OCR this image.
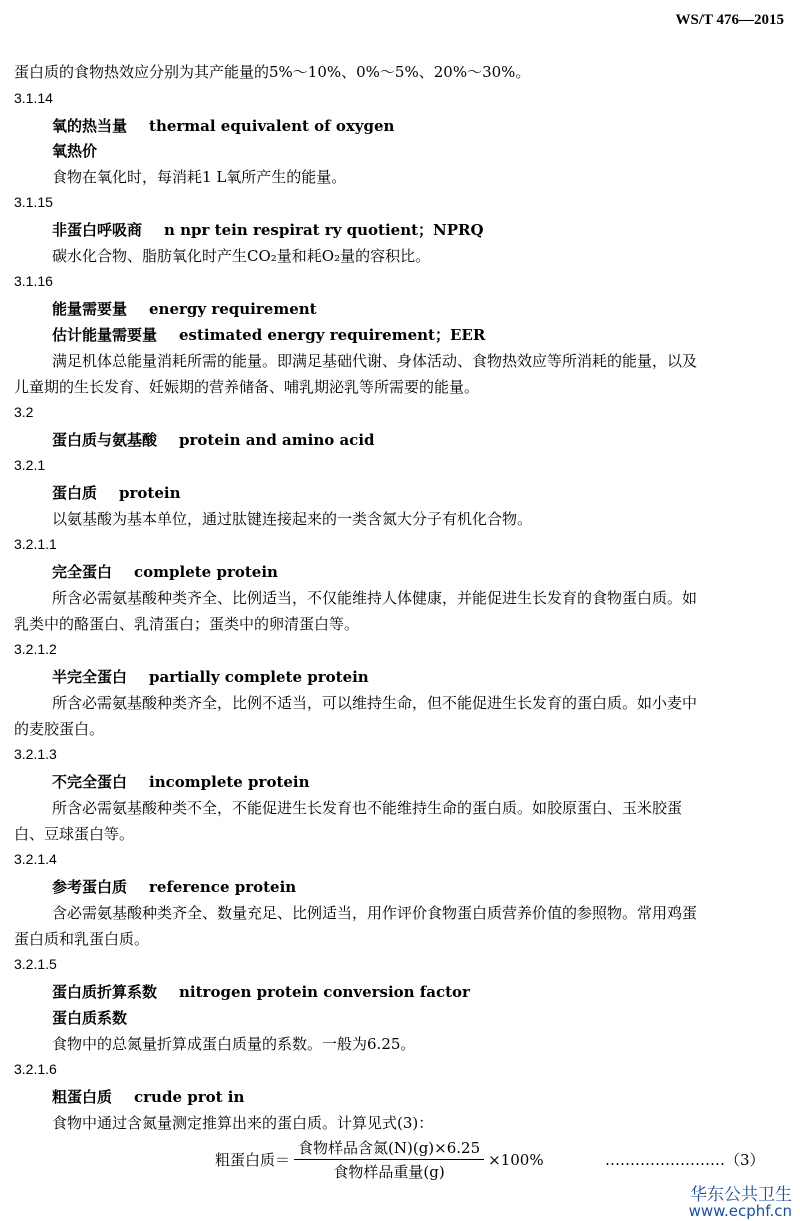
WS/T 476—2015
蛋白质的食物热效应分别为其产能量的5%～10%、0%～5%、20%～30%。
3.1.14
氧的热当量 thermal equivalent of oxygen
氧热价
食物在氧化时，每消耗1 L氧所产生的能量。
3.1.15
非蛋白呼吸商 n npr tein respirat ry quotient；NPRQ
碳水化合物、脂肪氧化时产生CO₂量和耗O₂量的容积比。
3.1.16
能量需要量 energy requirement
估计能量需要量 estimated energy requirement；EER
满足机体总能量消耗所需的能量。即满足基础代谢、身体活动、食物热效应等所消耗的能量，以及
儿童期的生长发育、妊娠期的营养储备、哺乳期泌乳等所需要的能量。
3.2
蛋白质与氨基酸 protein and amino acid
3.2.1
蛋白质 protein
以氨基酸为基本单位，通过肽键连接起来的一类含氮大分子有机化合物。
3.2.1.1
完全蛋白 complete protein
所含必需氨基酸种类齐全、比例适当，不仅能维持人体健康，并能促进生长发育的食物蛋白质。如
乳类中的酪蛋白、乳清蛋白；蛋类中的卵清蛋白等。
3.2.1.2
半完全蛋白 partially complete protein
所含必需氨基酸种类齐全，比例不适当，可以维持生命，但不能促进生长发育的蛋白质。如小麦中
的麦胶蛋白。
3.2.1.3
不完全蛋白 incomplete protein
所含必需氨基酸种类不全，不能促进生长发育也不能维持生命的蛋白质。如胶原蛋白、玉米胶蛋
白、豆球蛋白等。
3.2.1.4
参考蛋白质 reference protein
含必需氨基酸种类齐全、数量充足、比例适当，用作评价食物蛋白质营养价值的参照物。常用鸡蛋
蛋白质和乳蛋白质。
3.2.1.5
蛋白质折算系数 nitrogen protein conversion factor
蛋白质系数
食物中的总氮量折算成蛋白质量的系数。一般为6.25。
3.2.1.6
粗蛋白质 crude prot in
食物中通过含氮量测定推算出来的蛋白质。计算见式(3)：
粗蛋白质＝ $\frac{\text{食物样品含氮(N)(g)×6.25}}{\text{食物样品重量(g)}} \times 100\%$	……………………（3）
华东公共卫生
www.ecphf.cn
